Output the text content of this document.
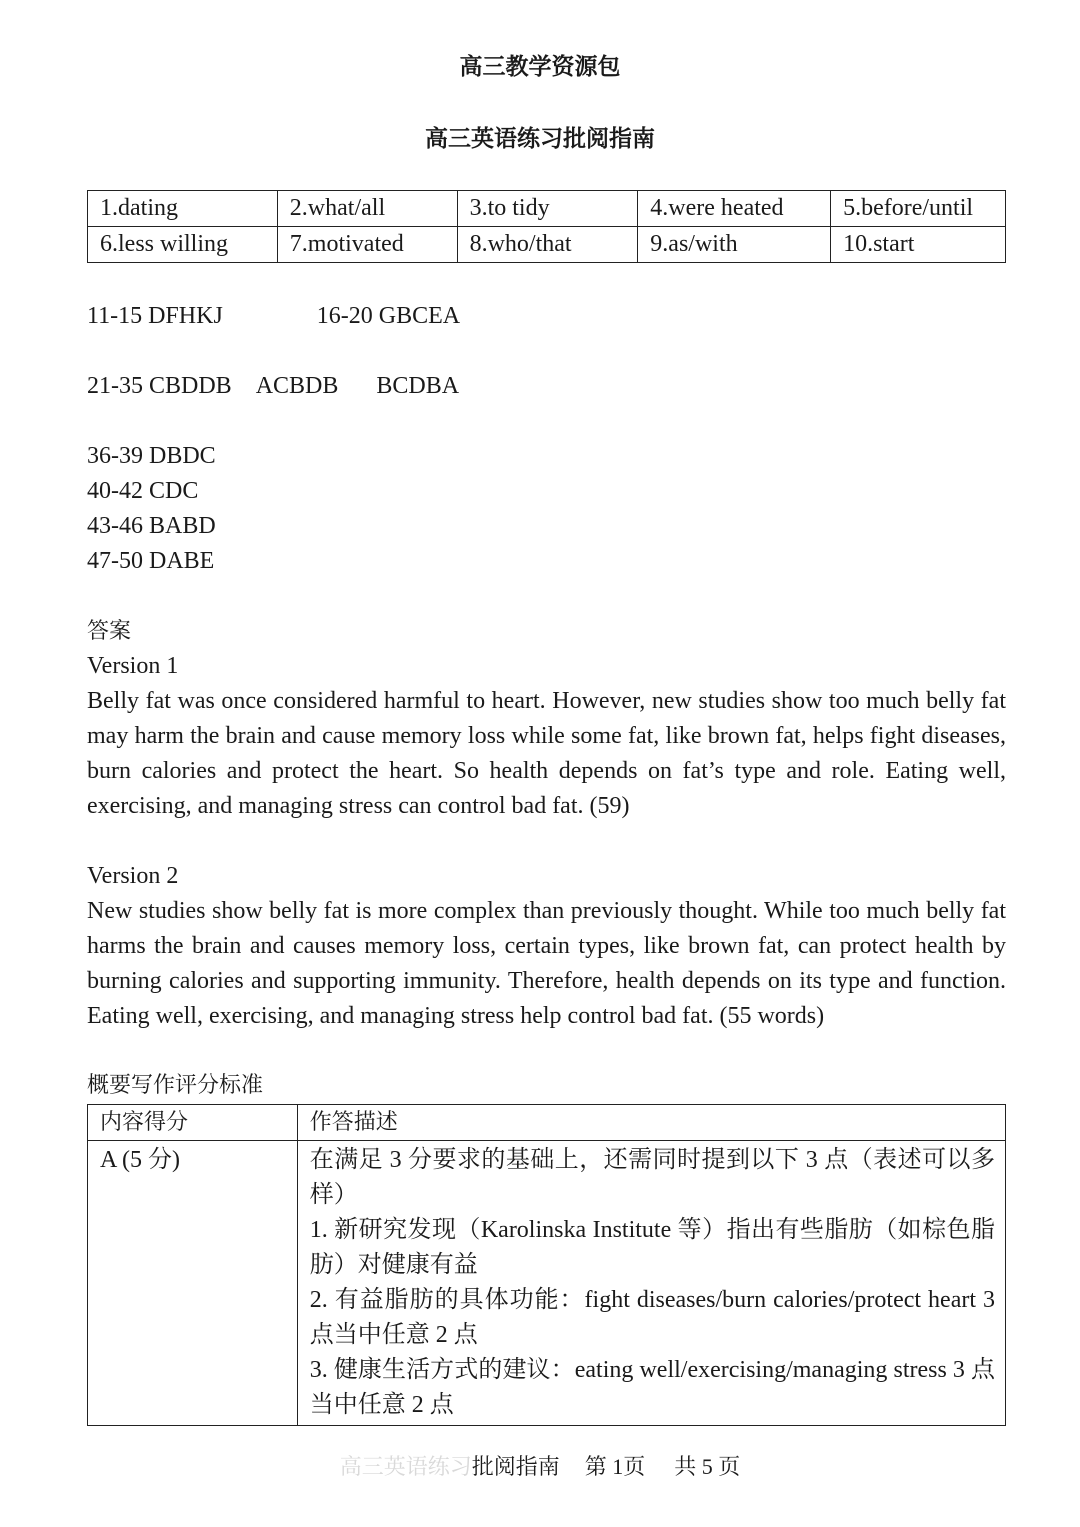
高三教学资源包
高三英语练习批阅指南
1.dating	2.what/all	3.to tidy	4.were heated	5.before/until
6.less willing	7.motivated	8.who/that	9.as/with	10.start
11-15 DFHKJ	16-20 GBCEA
21-35 CBDDB ACBDB BCDBA
36-39 DBDC
40-42 CDC
43-46 BABD
47-50 DABE
答案
Version 1
Belly fat was once considered harmful to heart. However, new studies show too much belly fat may harm the brain and cause memory loss while some fat, like brown fat, helps fight diseases, burn calories and protect the heart. So health depends on fat’s type and role. Eating well, exercising, and managing stress can control bad fat. (59)
Version 2
New studies show belly fat is more complex than previously thought. While too much belly fat harms the brain and causes memory loss, certain types, like brown fat, can protect health by burning calories and supporting immunity. Therefore, health depends on its type and function. Eating well, exercising, and managing stress help control bad fat. (55 words)
概要写作评分标准
内容得分	作答描述
A (5 分)	在满足 3 分要求的基础上，还需同时提到以下 3 点（表述可以多样）
1. 新研究发现（Karolinska Institute 等）指出有些脂肪（如棕色脂肪）对健康有益
2. 有益脂肪的具体功能：fight diseases/burn calories/protect heart 3 点当中任意 2 点
3. 健康生活方式的建议：eating well/exercising/managing stress 3 点当中任意 2 点
高三英语练习批阅指南 第 1页 共 5 页
